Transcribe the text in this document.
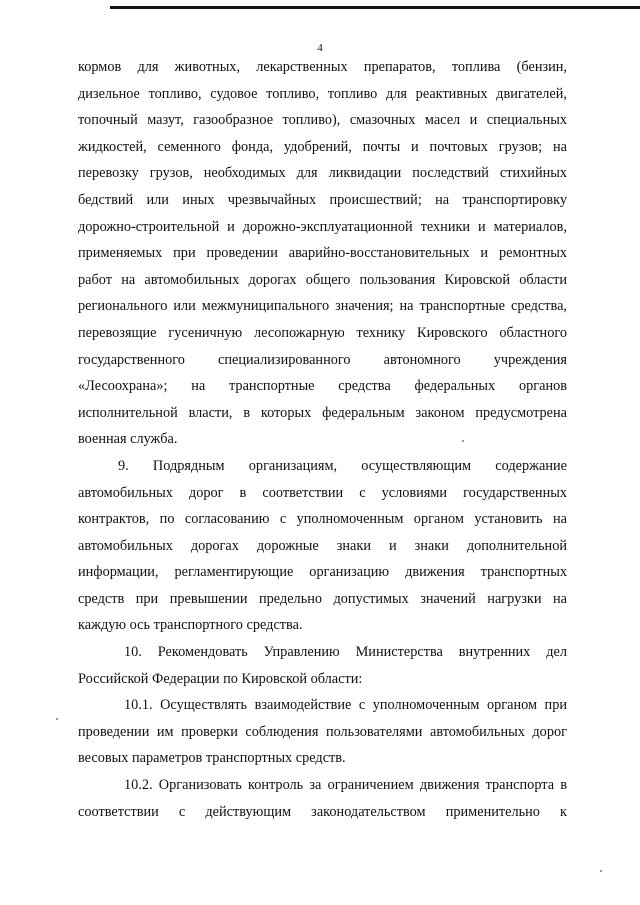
4

кормов для животных, лекарственных препаратов, топлива (бензин,

дизельное топливо, судовое топливо, топливо для реактивных двигателей,

топочный мазут, газообразное топливо), смазочных масел и специальных

жидкостей, семенного фонда, удобрений, почты и почтовых грузов; на

перевозку грузов, необходимых для ликвидации последствий стихийных

бедствий или иных чрезвычайных происшествий; на транспортировку

дорожно-строительной и дорожно-эксплуатационной техники и материалов,

применяемых при проведении аварийно-восстановительных и ремонтных

работ на автомобильных дорогах общего пользования Кировской области

регионального или межмуниципального значения; на транспортные средства,

перевозящие гусеничную лесопожарную технику Кировского областного

государственного специализированного автономного учреждения

«Лесоохрана»; на транспортные средства федеральных органов

исполнительной власти, в которых федеральным законом предусмотрена

военная служба.

9. Подрядным организациям, осуществляющим содержание

автомобильных дорог в соответствии с условиями государственных

контрактов, по согласованию с уполномоченным органом установить на

автомобильных дорогах дорожные знаки и знаки дополнительной

информации, регламентирующие организацию движения транспортных

средств при превышении предельно допустимых значений нагрузки на

каждую ось транспортного средства.

10. Рекомендовать Управлению Министерства внутренних дел

Российской Федерации по Кировской области:

10.1. Осуществлять взаимодействие с уполномоченным органом при

проведении им проверки соблюдения пользователями автомобильных дорог

весовых параметров транспортных средств.

10.2. Организовать контроль за ограничением движения транспорта в

соответствии с действующим законодательством применительно к
